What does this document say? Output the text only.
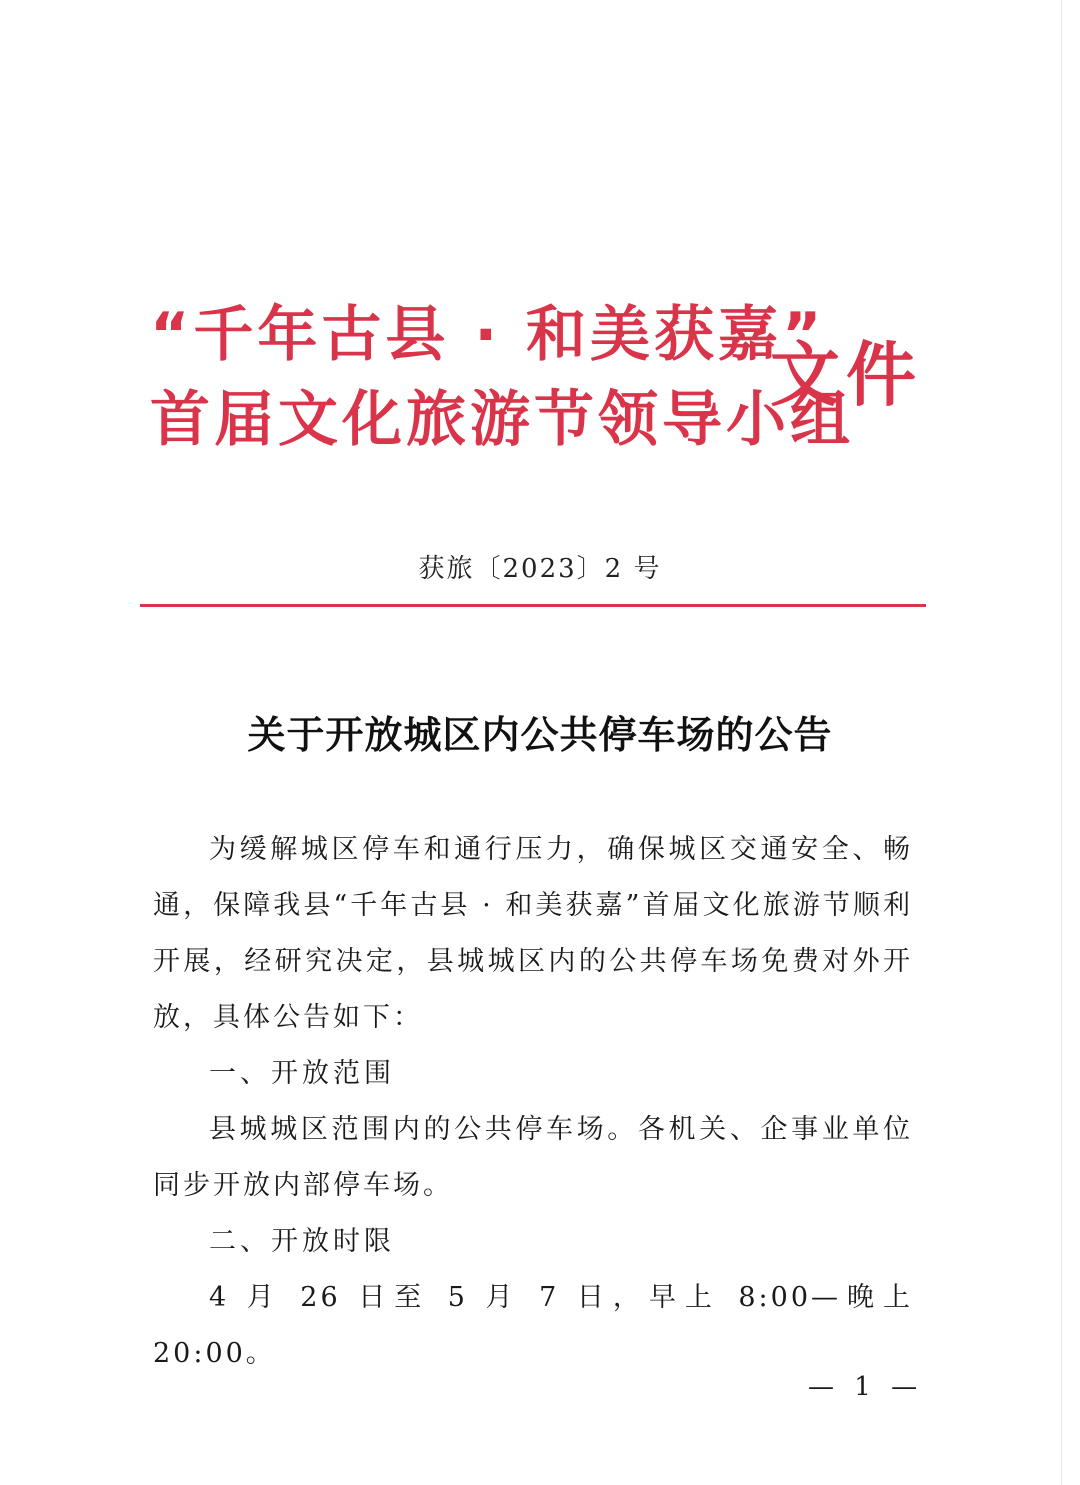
“千年古县 · 和美获嘉”
首届文化旅游节领导小组
文件
获旅〔2023〕2 号
关于开放城区内公共停车场的公告

为缓解城区停车和通行压力，确保城区交通安全、畅通，保障我县“千年古县 · 和美获嘉”首届文化旅游节顺利开展，经研究决定，县城城区内的公共停车场免费对外开放，具体公告如下：

一、开放范围

县城城区范围内的公共停车场。各机关、企事业单位同步开放内部停车场。

二、开放时限

4 月 26 日至 5 月 7 日，早上 8:00—晚上 20:00。

— 1 —
